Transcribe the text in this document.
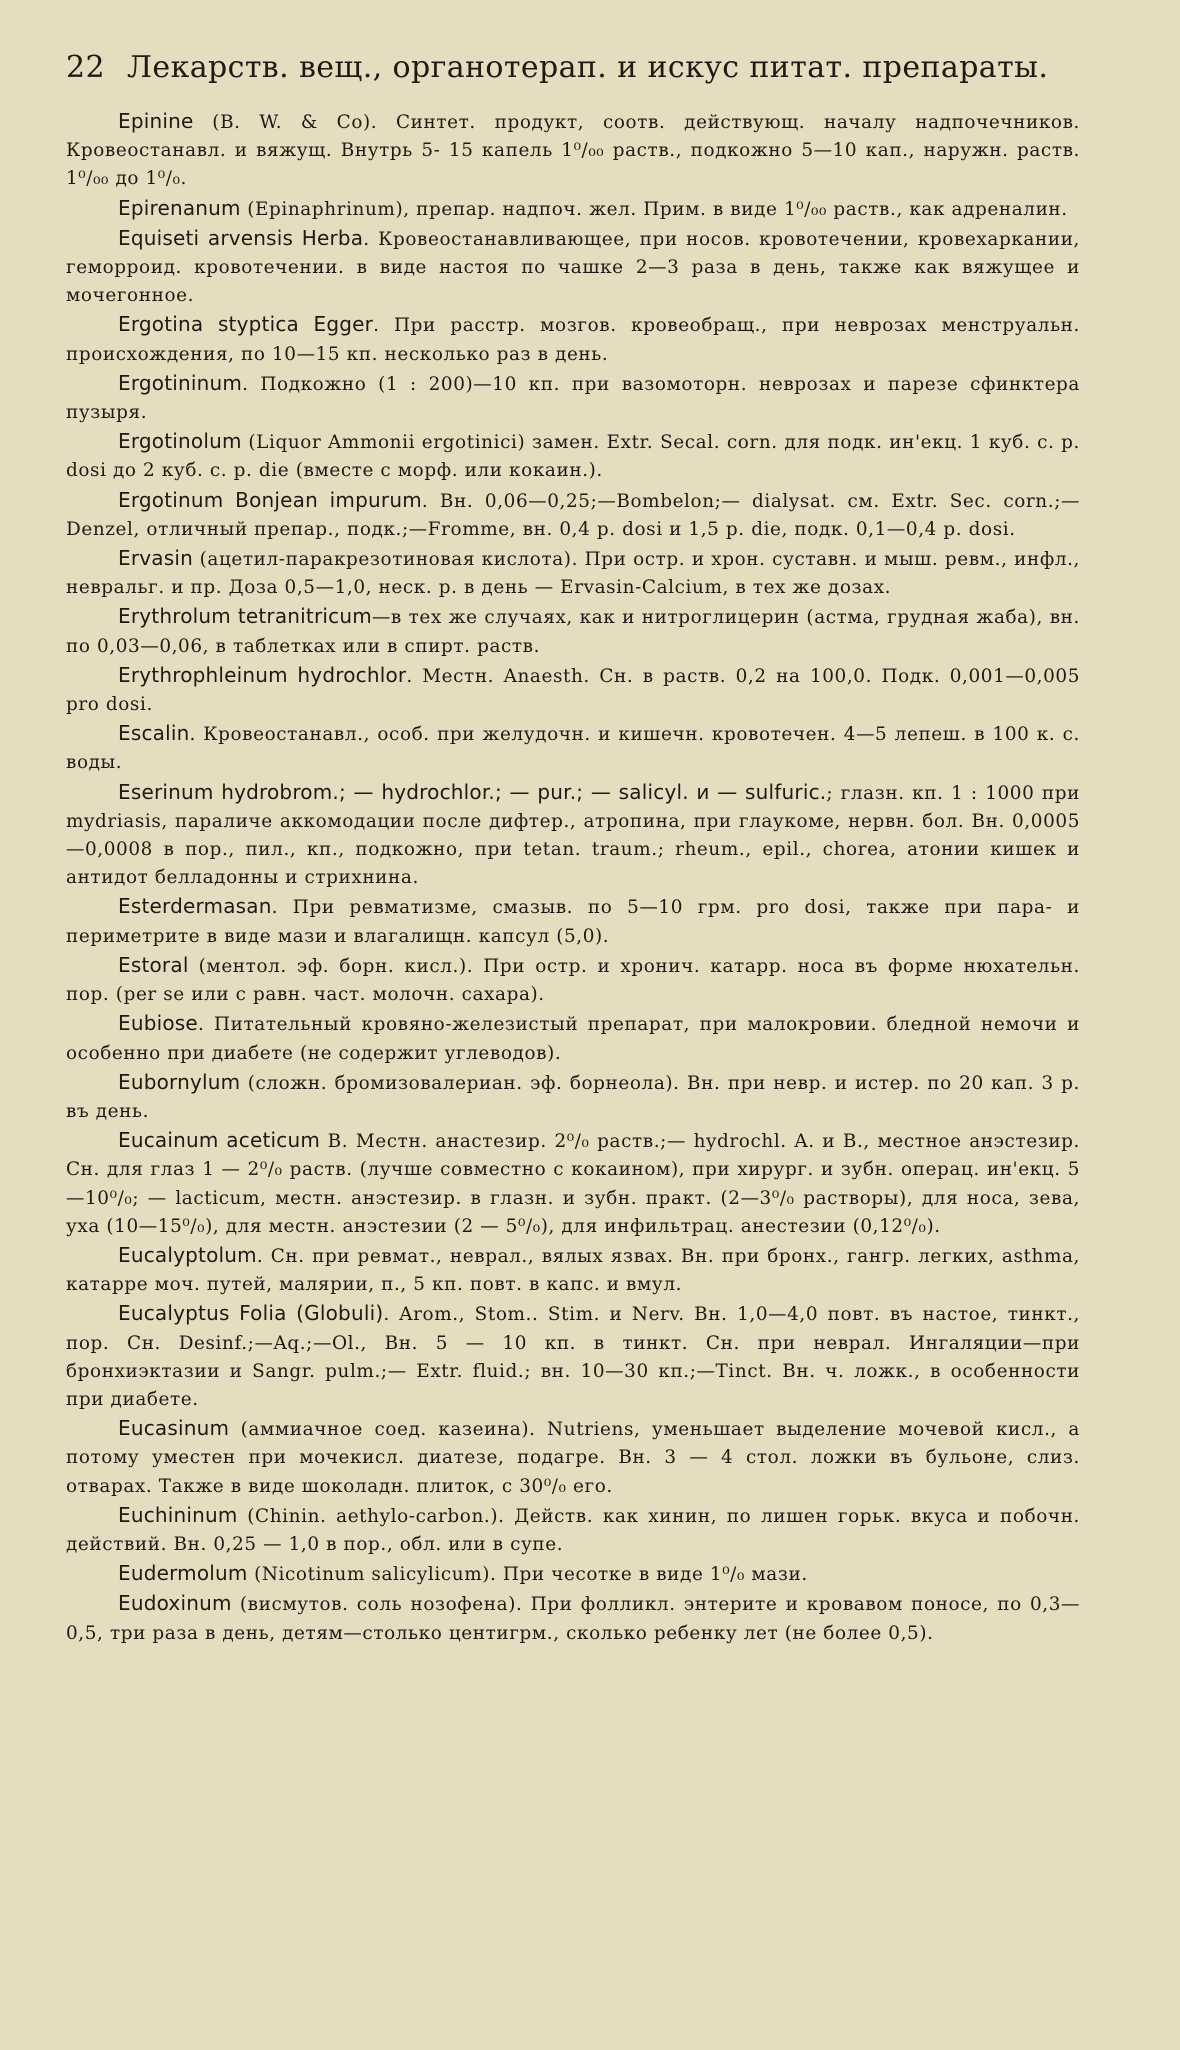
22 Лекарств. вещ., органотерап. и искус питат. препараты.

Epinine (B. W. & Co). Синтет. продукт, соотв. действующ. началу надпочечников. Кровеостанавл. и вяжущ. Внутрь 5- 15 капель 1⁰/₀₀ раств., подкожно 5—10 кап., наружн. раств. 1⁰/₀₀ до 1⁰/₀.

Epirenanum (Epinaphrinum), препар. надпоч. жел. Прим. в виде 1⁰/₀₀ раств., как адреналин.

Equiseti arvensis Herba. Кровеостанавливающее, при носов. кровотечении, кровехаркании, геморроид. кровотечении. в виде настоя по чашке 2—3 раза в день, также как вяжущее и мочегонное.

Ergotina styptica Egger. При расстр. мозгов. кровеобращ., при неврозах менструальн. происхождения, по 10—15 кп. несколько раз в день.

Ergotininum. Подкожно (1 : 200)—10 кп. при вазомоторн. неврозах и парезе сфинктера пузыря.

Ergotinolum (Liquor Ammonii ergotinici) замен. Extr. Secal. corn. для подк. ин'екц. 1 куб. с. р. dosi до 2 куб. с. р. die (вместе с морф. или кокаин.).

Ergotinum Bonjean impurum. Вн. 0,06—0,25;—Bombelon;— dialysat. см. Extr. Sec. corn.;—Denzel, отличный препар., подк.;—Fromme, вн. 0,4 р. dosi и 1,5 р. die, подк. 0,1—0,4 р. dosi.

Ervasin (ацетил-паракрезотиновая кислота). При остр. и хрон. суставн. и мыш. ревм., инфл., невральг. и пр. Доза 0,5—1,0, неск. р. в день — Ervasin-Calcium, в тех же дозах.

Erythrolum tetranitricum—в тех же случаях, как и нитроглицерин (астма, грудная жаба), вн. по 0,03—0,06, в таблетках или в спирт. раств.

Erythrophleinum hydrochlor. Местн. Anaesth. Сн. в раств. 0,2 на 100,0. Подк. 0,001—0,005 pro dosi.

Escalin. Кровеостанавл., особ. при желудочн. и кишечн. кровотечен. 4—5 лепеш. в 100 к. с. воды.

Eserinum hydrobrom.; — hydrochlor.; — pur.; — salicyl. и — sulfuric.; глазн. кп. 1 : 1000 при mydriasis, параличе аккомодации после дифтер., атропина, при глаукоме, нервн. бол. Вн. 0,0005—0,0008 в пор., пил., кп., подкожно, при tetan. traum.; rheum., epil., chorea, атонии кишек и антидот белладонны и стрихнина.

Esterdermasan. При ревматизме, смазыв. по 5—10 грм. pro dosi, также при пара- и периметрите в виде мази и влагалищн. капсул (5,0).

Estoral (ментол. эф. борн. кисл.). При остр. и хронич. катарр. носа въ форме нюхательн. пор. (per se или с равн. част. молочн. сахара).

Eubiose. Питательный кровяно-железистый препарат, при малокровии. бледной немочи и особенно при диабете (не содержит углеводов).

Eubornylum (сложн. бромизовалериан. эф. борнеола). Вн. при невр. и истер. по 20 кап. 3 р. въ день.

Eucainum aceticum B. Местн. анастезир. 2⁰/₀ раств.;— hydrochl. A. и B., местное анэстезир. Сн. для глаз 1 — 2⁰/₀ раств. (лучше совместно с кокаином), при хирург. и зубн. операц. ин'екц. 5—10⁰/₀; — lacticum, местн. анэстезир. в глазн. и зубн. практ. (2—3⁰/₀ растворы), для носа, зева, уха (10—15⁰/₀), для местн. анэстезии (2 — 5⁰/₀), для инфильтрац. анестезии (0,12⁰/₀).

Eucalyptolum. Сн. при ревмат., неврал., вялых язвах. Вн. при бронх., гангр. легких, asthma, катарре моч. путей, малярии, п., 5 кп. повт. в капс. и вмул.

Eucalyptus Folia (Globuli). Arom., Stom.. Stim. и Nerv. Вн. 1,0—4,0 повт. въ настое, тинкт., пор. Сн. Desinf.;—Aq.;—Ol., Вн. 5 — 10 кп. в тинкт. Сн. при неврал. Ингаляции—при бронхиэктазии и Sangr. pulm.;— Extr. fluid.; вн. 10—30 кп.;—Tinct. Вн. ч. ложк., в особенности при диабете.

Eucasinum (аммиачное соед. казеина). Nutriens, уменьшает выделение мочевой кисл., а потому уместен при мочекисл. диатезе, подагре. Вн. 3 — 4 стол. ложки въ бульоне, слиз. отварах. Также в виде шоколадн. плиток, с 30⁰/₀ его.

Euchininum (Chinin. aethylo-carbon.). Действ. как хинин, по лишен горьк. вкуса и побочн. действий. Вн. 0,25 — 1,0 в пор., обл. или в супе.

Eudermolum (Nicotinum salicylicum). При чесотке в виде 1⁰/₀ мази.

Eudoxinum (висмутов. соль нозофена). При фолликл. энтерите и кровавом поносе, по 0,3—0,5, три раза в день, детям—столько центигрм., сколько ребенку лет (не более 0,5).
